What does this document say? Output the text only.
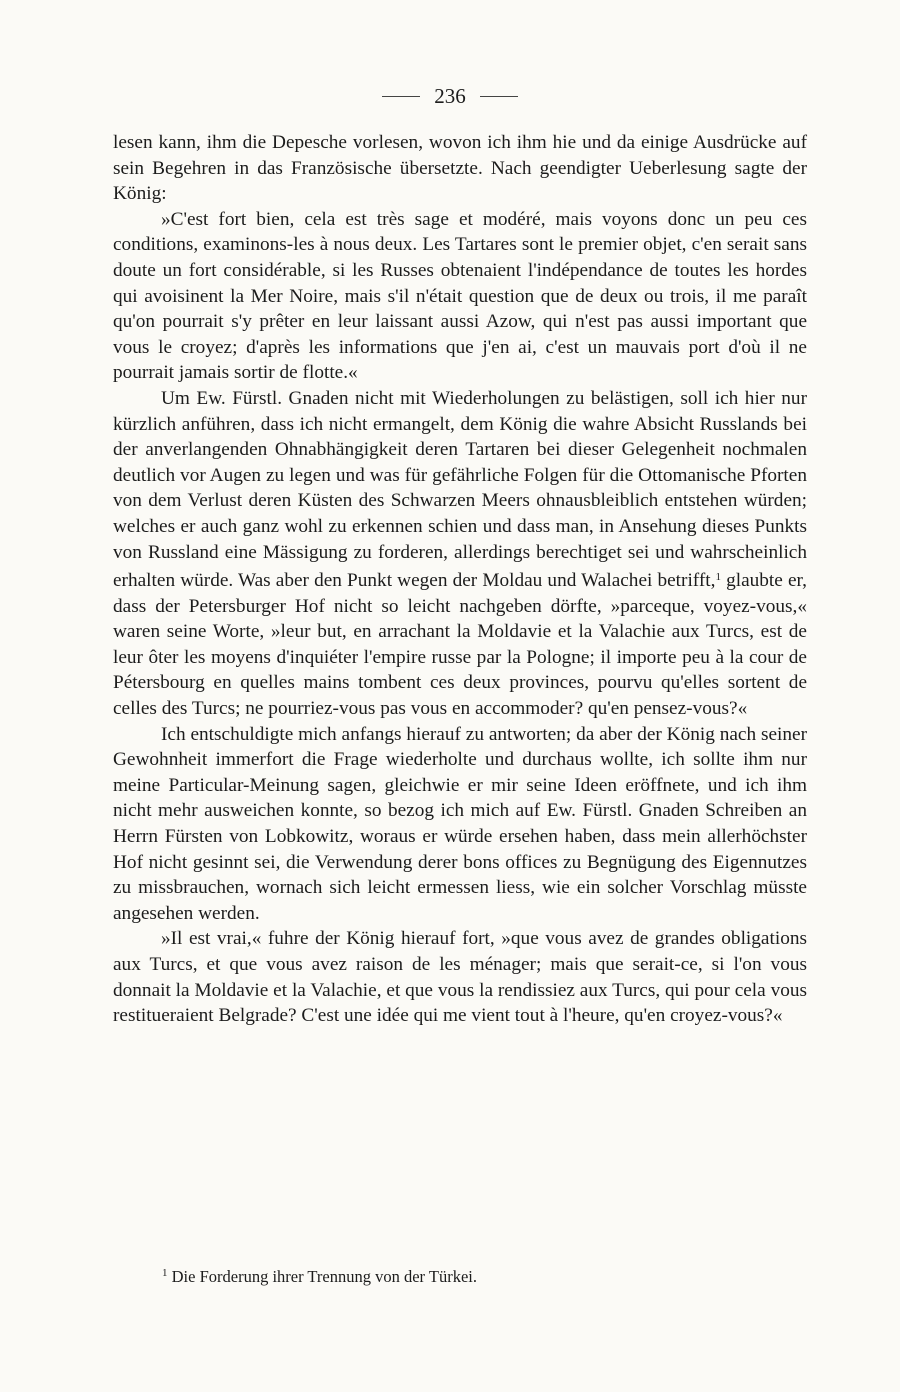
236

lesen kann, ihm die Depesche vorlesen, wovon ich ihm hie und da einige Ausdrücke auf sein Begehren in das Französische übersetzte. Nach geendigter Ueberlesung sagte der König:

»C'est fort bien, cela est très sage et modéré, mais voyons donc un peu ces conditions, examinons-les à nous deux. Les Tartares sont le premier objet, c'en serait sans doute un fort considérable, si les Russes obtenaient l'indépendance de toutes les hordes qui avoisinent la Mer Noire, mais s'il n'était question que de deux ou trois, il me paraît qu'on pourrait s'y prêter en leur laissant aussi Azow, qui n'est pas aussi important que vous le croyez; d'après les informations que j'en ai, c'est un mauvais port d'où il ne pourrait jamais sortir de flotte.«

Um Ew. Fürstl. Gnaden nicht mit Wiederholungen zu belästigen, soll ich hier nur kürzlich anführen, dass ich nicht ermangelt, dem König die wahre Absicht Russlands bei der anverlangenden Ohnabhängigkeit deren Tartaren bei dieser Gelegenheit nochmalen deutlich vor Augen zu legen und was für gefährliche Folgen für die Ottomanische Pforten von dem Verlust deren Küsten des Schwarzen Meers ohnausbleiblich entstehen würden; welches er auch ganz wohl zu erkennen schien und dass man, in Ansehung dieses Punkts von Russland eine Mässigung zu forderen, allerdings berechtiget sei und wahrscheinlich erhalten würde. Was aber den Punkt wegen der Moldau und Walachei betrifft,$^1$ glaubte er, dass der Petersburger Hof nicht so leicht nachgeben dörfte, »parceque, voyez-vous,« waren seine Worte, »leur but, en arrachant la Moldavie et la Valachie aux Turcs, est de leur ôter les moyens d'inquiéter l'empire russe par la Pologne; il importe peu à la cour de Pétersbourg en quelles mains tombent ces deux provinces, pourvu qu'elles sortent de celles des Turcs; ne pourriez-vous pas vous en accommoder? qu'en pensez-vous?«

Ich entschuldigte mich anfangs hierauf zu antworten; da aber der König nach seiner Gewohnheit immerfort die Frage wiederholte und durchaus wollte, ich sollte ihm nur meine Particular-Meinung sagen, gleichwie er mir seine Ideen eröffnete, und ich ihm nicht mehr ausweichen konnte, so bezog ich mich auf Ew. Fürstl. Gnaden Schreiben an Herrn Fürsten von Lobkowitz, woraus er würde ersehen haben, dass mein allerhöchster Hof nicht gesinnt sei, die Verwendung derer bons offices zu Begnügung des Eigennutzes zu missbrauchen, wornach sich leicht ermessen liess, wie ein solcher Vorschlag müsste angesehen werden.

»Il est vrai,« fuhre der König hierauf fort, »que vous avez de grandes obligations aux Turcs, et que vous avez raison de les ménager; mais que serait-ce, si l'on vous donnait la Moldavie et la Valachie, et que vous la rendissiez aux Turcs, qui pour cela vous restitueraient Belgrade? C'est une idée qui me vient tout à l'heure, qu'en croyez-vous?«

$^1$ Die Forderung ihrer Trennung von der Türkei.
